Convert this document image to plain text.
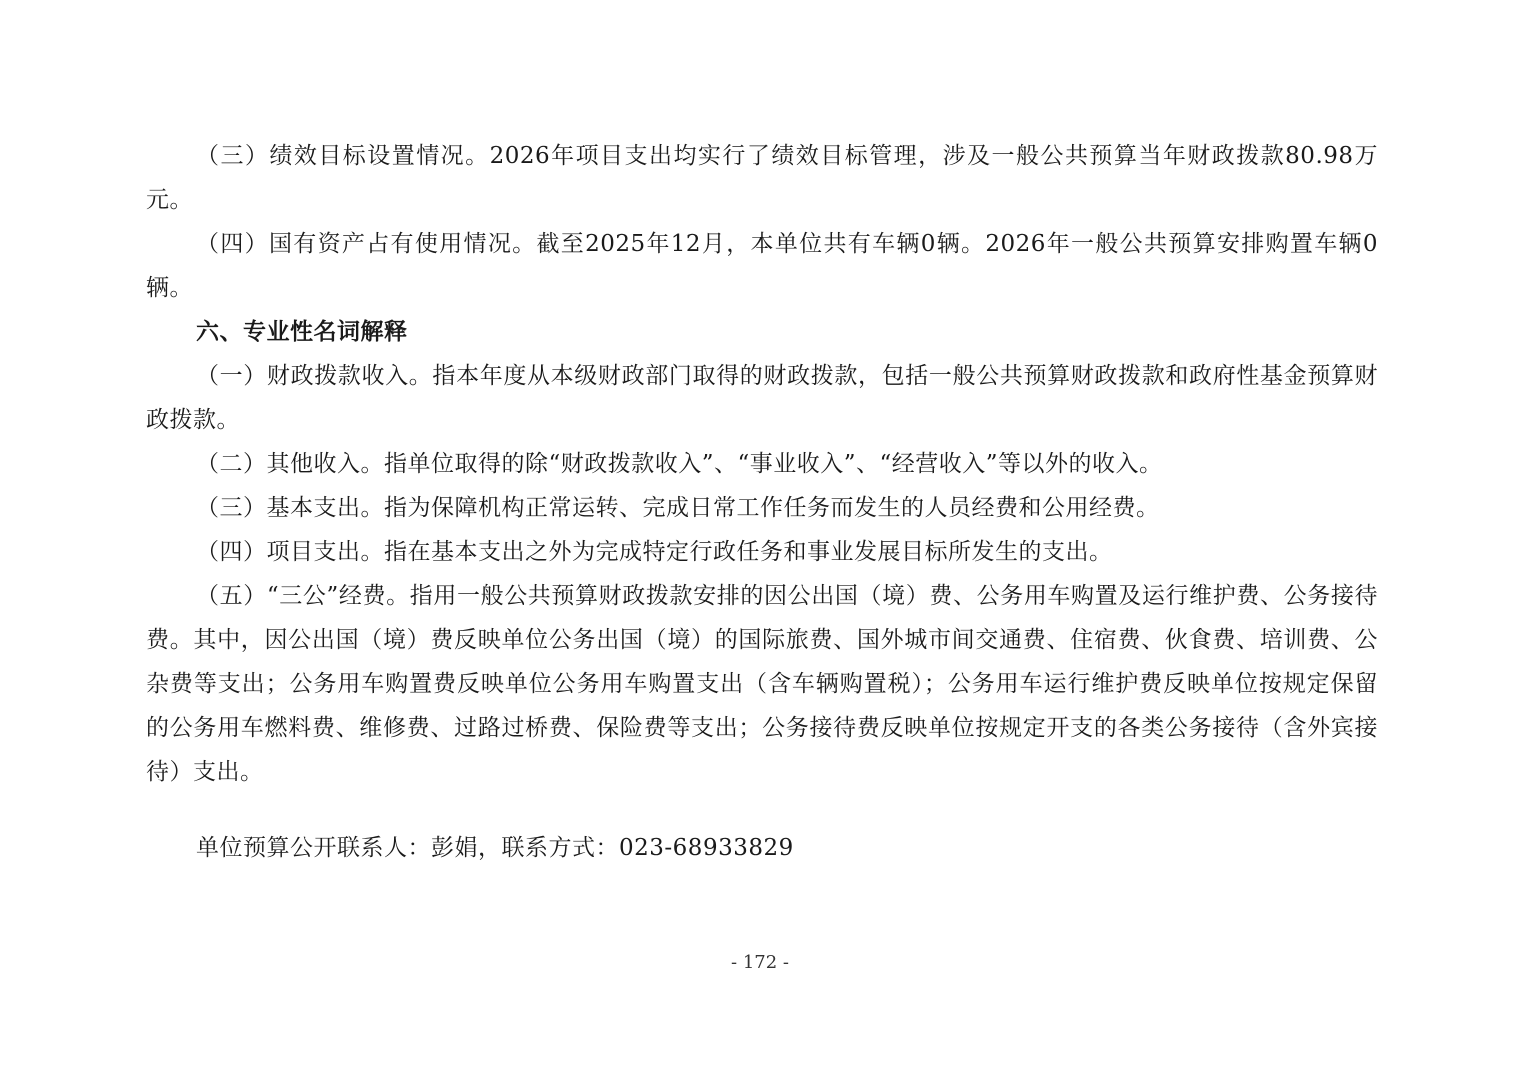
（三）绩效目标设置情况。2026年项目支出均实行了绩效目标管理，涉及一般公共预算当年财政拨款80.98万元。

（四）国有资产占有使用情况。截至2025年12月，本单位共有车辆0辆。2026年一般公共预算安排购置车辆0辆。

六、专业性名词解释

（一）财政拨款收入。指本年度从本级财政部门取得的财政拨款，包括一般公共预算财政拨款和政府性基金预算财政拨款。

（二）其他收入。指单位取得的除“财政拨款收入”、“事业收入”、“经营收入”等以外的收入。

（三）基本支出。指为保障机构正常运转、完成日常工作任务而发生的人员经费和公用经费。

（四）项目支出。指在基本支出之外为完成特定行政任务和事业发展目标所发生的支出。

（五）“三公”经费。指用一般公共预算财政拨款安排的因公出国（境）费、公务用车购置及运行维护费、公务接待费。其中，因公出国（境）费反映单位公务出国（境）的国际旅费、国外城市间交通费、住宿费、伙食费、培训费、公杂费等支出；公务用车购置费反映单位公务用车购置支出（含车辆购置税）；公务用车运行维护费反映单位按规定保留的公务用车燃料费、维修费、过路过桥费、保险费等支出；公务接待费反映单位按规定开支的各类公务接待（含外宾接待）支出。

单位预算公开联系人：彭娟，联系方式：023-68933829

- 172 -
